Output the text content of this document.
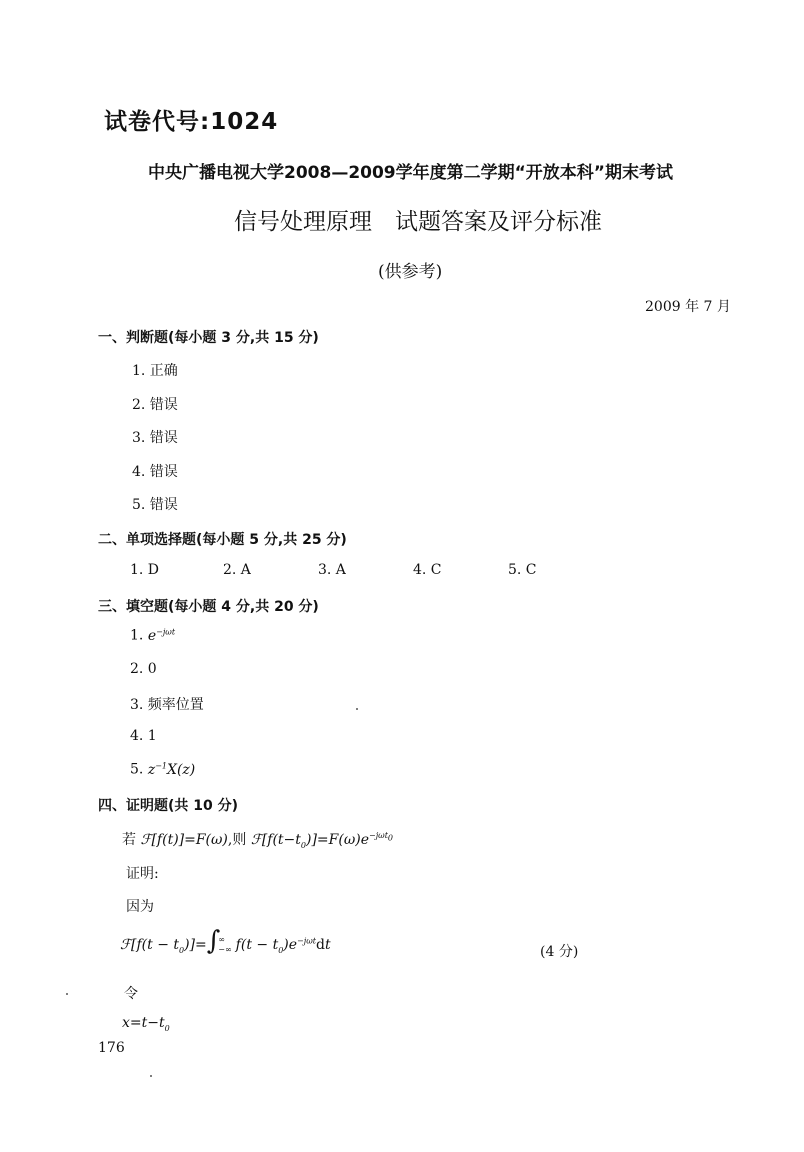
试卷代号:1024
中央广播电视大学2008—2009学年度第二学期“开放本科”期末考试
信号处理原理　试题答案及评分标准
(供参考)
2009 年 7 月
一、判断题(每小题 3 分,共 15 分)
1. 正确
2. 错误
3. 错误
4. 错误
5. 错误
二、单项选择题(每小题 5 分,共 25 分)
1. D	2. A	3. A	4. C	5. C
三、填空题(每小题 4 分,共 20 分)
1. $e^{-j\omega t}$
2. 0
3. 频率位置
4. 1
5. $z^{-1}X(z)$
四、证明题(共 10 分)
若 ℱ[f(t)]=F(ω),则 $ℱ[f(t-t_0)]=F(\omega)e^{-j\omega t_0}$
证明:
因为
ℱ[f(t − $t_0)]=\int$
∞
−∞ $f(t - t_0)e^{-j\omega t}dt$	(4 分)
令
$x=t-t_0$
176
